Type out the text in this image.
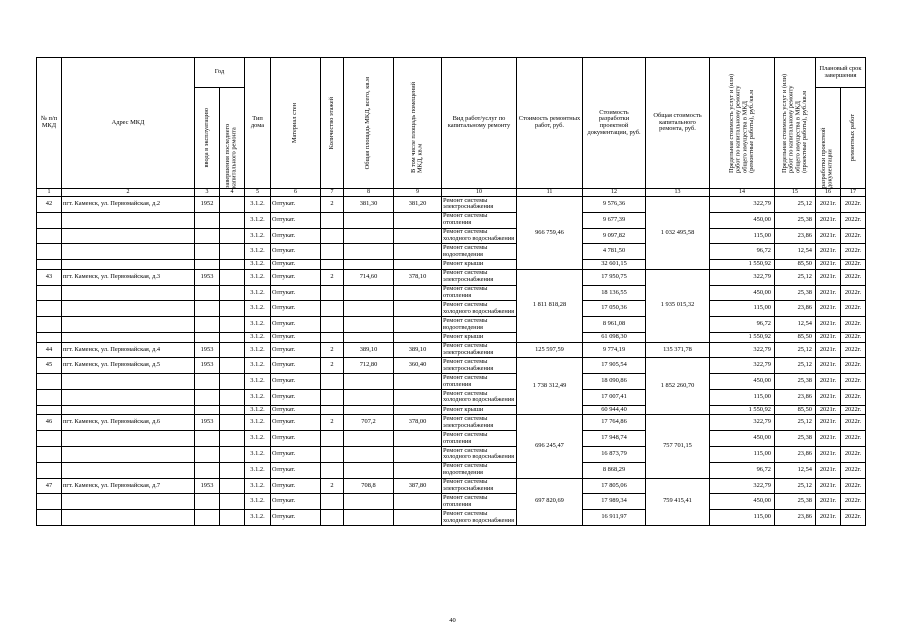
№ п/п МКД	Адрес МКД	Год		Тип дома	Материал стен	Количество этажей	Общая площадь МКД, всего, кв.м	В том числе площадь помещений МКД, кв.м	Вид работ/услуг по капитальному ремонту	Стоимость ремонтных работ, руб.	Стоимость разработки проектной документации, руб.	Общая стоимость капитального ремонта, руб.	Предельная стоимость услуг и (или) работ по капитальному ремонту общего имущества в МКД (ремонтные работы), руб./кв.м	Предельная стоимость услуг и (или) работ по капитальному ремонту общего имущества в МКД (проектные работы), руб./кв.м	Плановый срок завершения	

		ввода в эксплуатацию	завершения последнего капитального ремонта												разработки проектной документации	ремонтных работ

1	2	3	4	5	6	7	8	9	10	11	12	13	14	15	16	17
42	пгт. Каменск, ул. Первомайская, д.2	1952		3.1.2.	Олтукат.	2	381,30	381,20	Ремонт системы электроснабжения	966 759,46	9 576,36	1 032 495,58	322,79	25,12	2021г.	2022г.
				3.1.2.	Олтукат.				Ремонт системы отопления		9 677,39		450,00	25,38	2021г.	2022г.
				3.1.2.	Олтукат.				Ремонт системы холодного водоснабжения		9 097,82		115,00	23,86	2021г.	2022г.
				3.1.2.	Олтукат.				Ремонт системы водоотведения		4 781,50		96,72	12,54	2021г.	2022г.
				3.1.2.	Олтукат.				Ремонт крыши		32 601,15		1 550,92	85,50	2021г.	2022г.
43	пгт. Каменск, ул. Первомайская, д.3	1953		3.1.2.	Олтукат.	2	714,60	378,10	Ремонт системы электроснабжения	1 811 818,28	17 950,75	1 935 015,32	322,79	25,12	2021г.	2022г.
				3.1.2.	Олтукат.				Ремонт системы отопления		18 136,55		450,00	25,38	2021г.	2022г.
				3.1.2.	Олтукат.				Ремонт системы холодного водоснабжения		17 050,36		115,00	23,86	2021г.	2022г.
				3.1.2.	Олтукат.				Ремонт системы водоотведения		8 961,08		96,72	12,54	2021г.	2022г.
				3.1.2.	Олтукат.				Ремонт крыши		61 098,30		1 550,92	85,50	2021г.	2022г.
44	пгт. Каменск, ул. Первомайская, д.4	1953		3.1.2.	Олтукат.	2	389,10	389,10	Ремонт системы электроснабжения	125 597,59	9 774,19	135 371,78	322,79	25,12	2021г.	2022г.
45	пгт. Каменск, ул. Первомайская, д.5	1953		3.1.2.	Олтукат.	2	712,80	360,40	Ремонт системы электроснабжения	1 738 312,49	17 905,54	1 852 260,70	322,79	25,12	2021г.	2022г.
				3.1.2.	Олтукат.				Ремонт системы отопления		18 090,86		450,00	25,38	2021г.	2022г.
				3.1.2.	Олтукат.				Ремонт системы холодного водоснабжения		17 007,41		115,00	23,86	2021г.	2022г.
				3.1.2.	Олтукат.				Ремонт крыши		60 944,40		1 550,92	85,50	2021г.	2022г.
46	пгт. Каменск, ул. Первомайская, д.6	1953		3.1.2.	Олтукат.	2	707,2	378,00	Ремонт системы электроснабжения	696 245,47	17 764,86	757 701,15	322,79	25,12	2021г.	2022г.
				3.1.2.	Олтукат.				Ремонт системы отопления		17 948,74		450,00	25,38	2021г.	2022г.
				3.1.2.	Олтукат.				Ремонт системы холодного водоснабжения		16 873,79		115,00	23,86	2021г.	2022г.
				3.1.2.	Олтукат.				Ремонт системы водоотведения		8 868,29		96,72	12,54	2021г.	2022г.
47	пгт. Каменск, ул. Первомайская, д.7	1953		3.1.2.	Олтукат.	2	708,8	387,80	Ремонт системы электроснабжения	697 820,69	17 805,06	759 415,41	322,79	25,12	2021г.	2022г.
				3.1.2.	Олтукат.				Ремонт системы отопления		17 989,34		450,00	25,38	2021г.	2022г.
				3.1.2.	Олтукат.				Ремонт системы холодного водоснабжения		16 911,97		115,00	23,86	2021г.	2022г.
40
